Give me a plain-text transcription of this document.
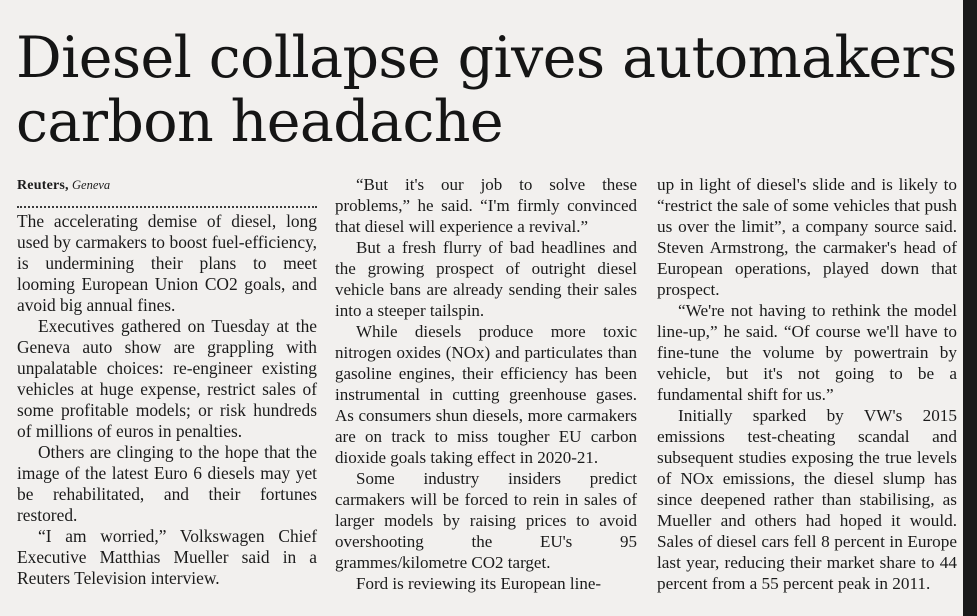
Diesel collapse gives automakers carbon headache
Reuters, Geneva

The accelerating demise of diesel, long used by carmakers to boost fuel-efficiency, is undermining their plans to meet looming European Union CO2 goals, and avoid big annual fines.

Executives gathered on Tuesday at the Geneva auto show are grappling with unpalatable choices: re-engineer existing vehicles at huge expense, restrict sales of some profitable models; or risk hundreds of millions of euros in penalties.

Others are clinging to the hope that the image of the latest Euro 6 diesels may yet be rehabilitated, and their fortunes restored.

“I am worried,” Volkswagen Chief Executive Matthias Mueller said in a Reuters Television interview.

“But it's our job to solve these problems,” he said. “I'm firmly convinced that diesel will experience a revival.”

But a fresh flurry of bad headlines and the growing prospect of outright diesel vehicle bans are already sending their sales into a steeper tailspin.

While diesels produce more toxic nitrogen oxides (NOx) and particulates than gasoline engines, their efficiency has been instrumental in cutting greenhouse gases. As consumers shun diesels, more carmakers are on track to miss tougher EU carbon dioxide goals taking effect in 2020-21.

Some industry insiders predict carmakers will be forced to rein in sales of larger models by raising prices to avoid overshooting the EU's 95 grammes/kilometre CO2 target.

Ford is reviewing its European line-

up in light of diesel's slide and is likely to “restrict the sale of some vehicles that push us over the limit”, a company source said. Steven Armstrong, the carmaker's head of European operations, played down that prospect.

“We're not having to rethink the model line-up,” he said. “Of course we'll have to fine-tune the volume by powertrain by vehicle, but it's not going to be a fundamental shift for us.”

Initially sparked by VW's 2015 emissions test-cheating scandal and subsequent studies exposing the true levels of NOx emissions, the diesel slump has since deepened rather than stabilising, as Mueller and others had hoped it would. Sales of diesel cars fell 8 percent in Europe last year, reducing their market share to 44 percent from a 55 percent peak in 2011.
